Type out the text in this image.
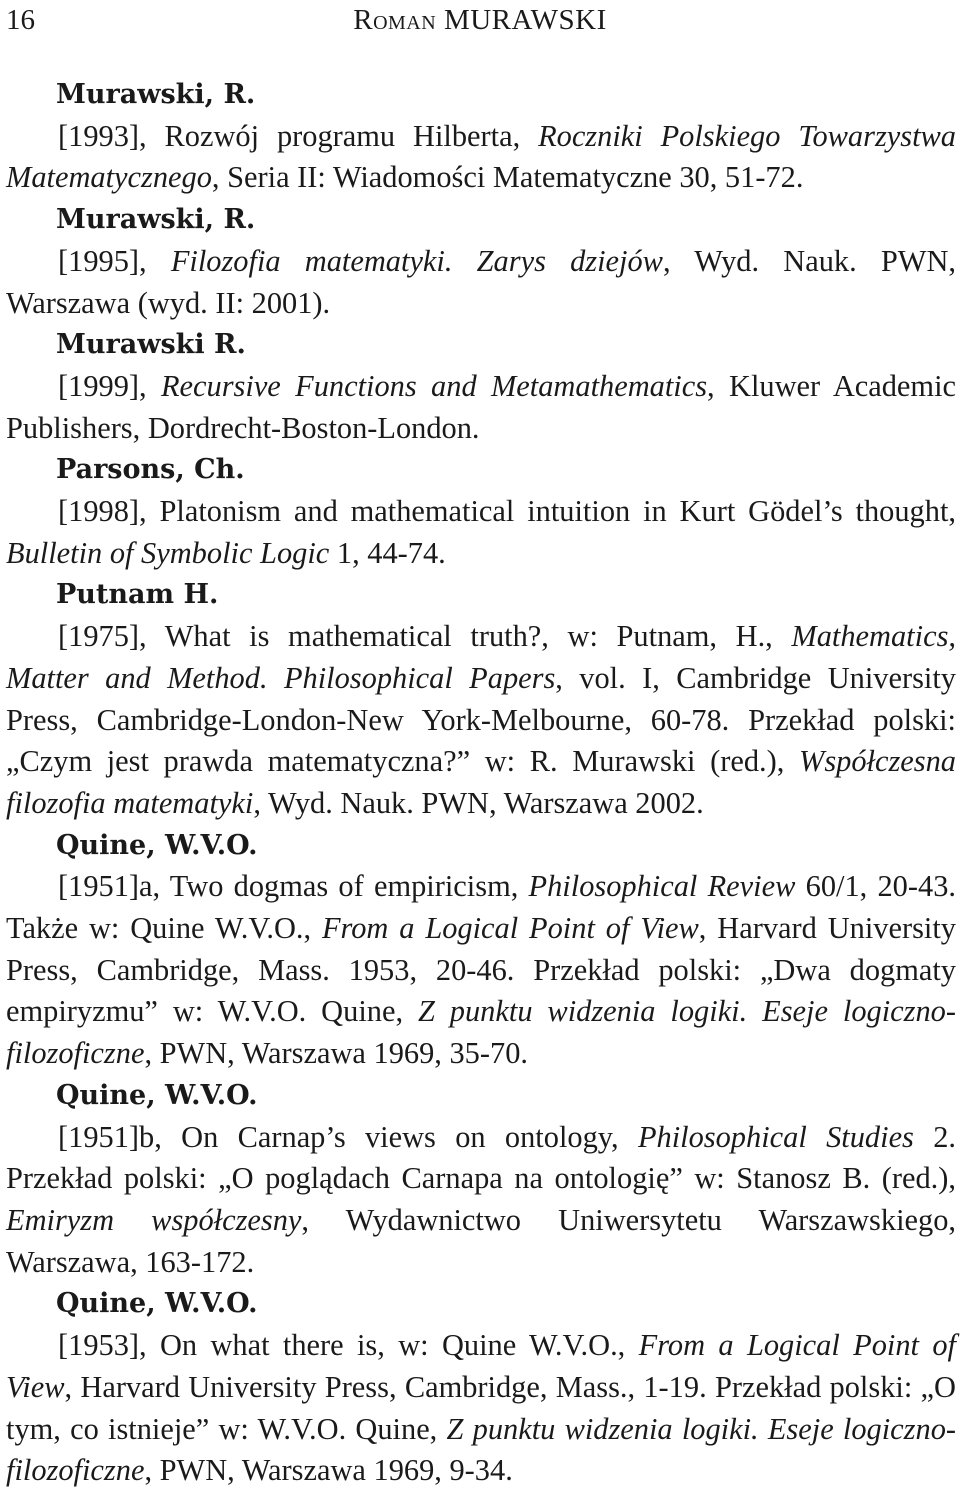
16	Roman MURAWSKI
Murawski, R.
[1993], Rozwój programu Hilberta, Roczniki Polskiego Towarzystwa Matematycznego, Seria II: Wiadomości Matematyczne 30, 51-72.
Murawski, R.
[1995], Filozofia matematyki. Zarys dziejów, Wyd. Nauk. PWN, Warszawa (wyd. II: 2001).
Murawski R.
[1999], Recursive Functions and Metamathematics, Kluwer Academic Publishers, Dordrecht-Boston-London.
Parsons, Ch.
[1998], Platonism and mathematical intuition in Kurt Gödel’s thought, Bulletin of Symbolic Logic 1, 44-74.
Putnam H.
[1975], What is mathematical truth?, w: Putnam, H., Mathematics, Matter and Method. Philosophical Papers, vol. I, Cambridge University Press, Cambridge-London-New York-Melbourne, 60-78. Przekład polski: „Czym jest prawda matematyczna?” w: R. Murawski (red.), Współczesna filozofia matematyki, Wyd. Nauk. PWN, Warszawa 2002.
Quine, W.V.O.
[1951]a, Two dogmas of empiricism, Philosophical Review 60/1, 20-43. Także w: Quine W.V.O., From a Logical Point of View, Harvard University Press, Cambridge, Mass. 1953, 20-46. Przekład polski: „Dwa dogmaty empiryzmu” w: W.V.O. Quine, Z punktu widzenia logiki. Eseje logiczno-filozoficzne, PWN, Warszawa 1969, 35-70.
Quine, W.V.O.
[1951]b, On Carnap’s views on ontology, Philosophical Studies 2. Przekład polski: „O poglądach Carnapa na ontologię” w: Stanosz B. (red.), Emiryzm współczesny, Wydawnictwo Uniwersytetu Warszawskiego, Warszawa, 163-172.
Quine, W.V.O.
[1953], On what there is, w: Quine W.V.O., From a Logical Point of View, Harvard University Press, Cambridge, Mass., 1-19. Przekład polski: „O tym, co istnieje” w: W.V.O. Quine, Z punktu widzenia logiki. Eseje logiczno-filozoficzne, PWN, Warszawa 1969, 9-34.
